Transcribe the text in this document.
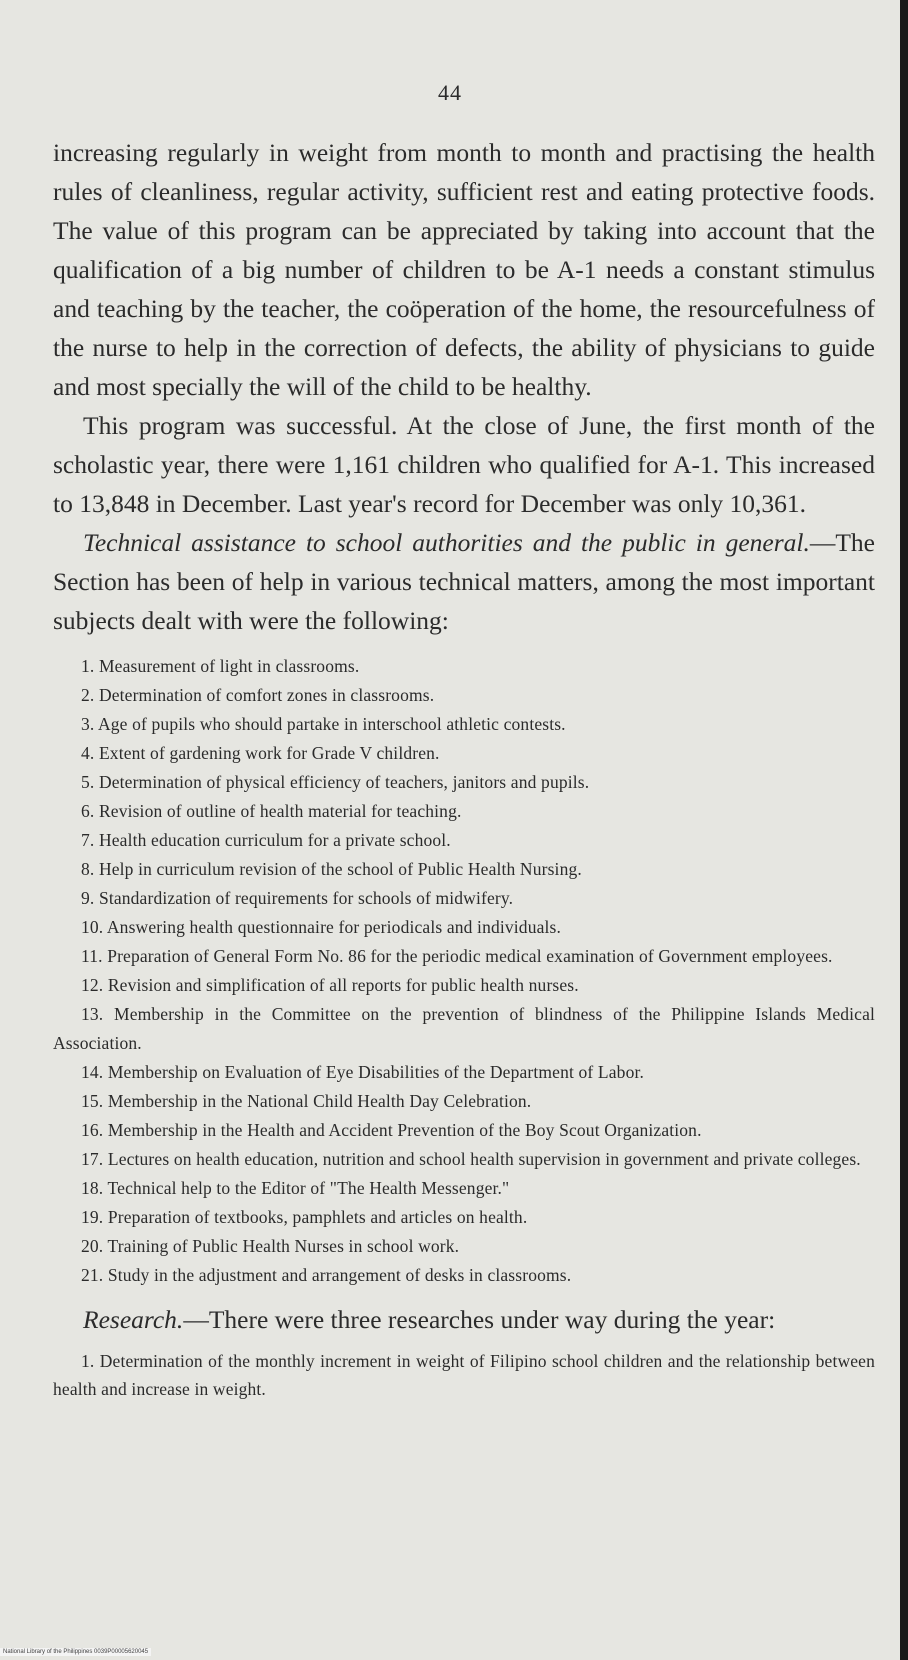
44

increasing regularly in weight from month to month and practising the health rules of cleanliness, regular activity, sufficient rest and eating protective foods. The value of this program can be appreciated by taking into account that the qualification of a big number of children to be A-1 needs a constant stimulus and teaching by the teacher, the coöperation of the home, the resourcefulness of the nurse to help in the correction of defects, the ability of physicians to guide and most specially the will of the child to be healthy.

This program was successful. At the close of June, the first month of the scholastic year, there were 1,161 children who qualified for A-1. This increased to 13,848 in December. Last year's record for December was only 10,361.

Technical assistance to school authorities and the public in general.—The Section has been of help in various technical matters, among the most important subjects dealt with were the following:

1. Measurement of light in classrooms.
2. Determination of comfort zones in classrooms.
3. Age of pupils who should partake in interschool athletic contests.
4. Extent of gardening work for Grade V children.
5. Determination of physical efficiency of teachers, janitors and pupils.
6. Revision of outline of health material for teaching.
7. Health education curriculum for a private school.
8. Help in curriculum revision of the school of Public Health Nursing.
9. Standardization of requirements for schools of midwifery.
10. Answering health questionnaire for periodicals and individuals.
11. Preparation of General Form No. 86 for the periodic medical examination of Government employees.
12. Revision and simplification of all reports for public health nurses.
13. Membership in the Committee on the prevention of blindness of the Philippine Islands Medical Association.
14. Membership on Evaluation of Eye Disabilities of the Department of Labor.
15. Membership in the National Child Health Day Celebration.
16. Membership in the Health and Accident Prevention of the Boy Scout Organization.
17. Lectures on health education, nutrition and school health supervision in government and private colleges.
18. Technical help to the Editor of "The Health Messenger."
19. Preparation of textbooks, pamphlets and articles on health.
20. Training of Public Health Nurses in school work.
21. Study in the adjustment and arrangement of desks in classrooms.

Research.—There were three researches under way during the year:

1. Determination of the monthly increment in weight of Filipino school children and the relationship between health and increase in weight.
National Library of the Philippines 0039P00005620045
